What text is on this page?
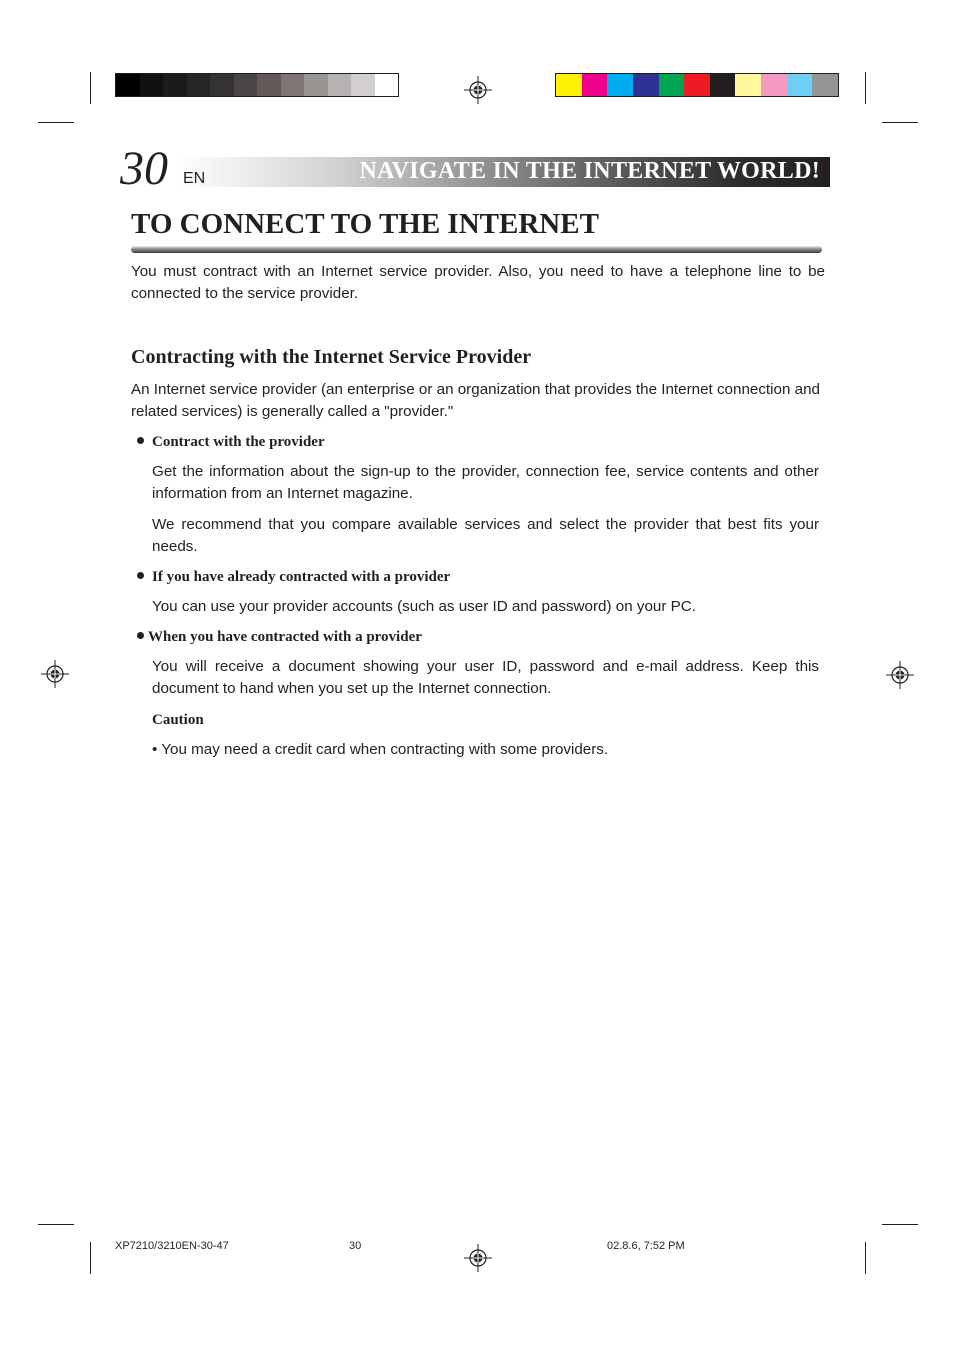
30	NAVIGATE IN THE INTERNET WORLD!
EN
TO CONNECT TO THE INTERNET

You must contract with an Internet service provider. Also, you need to have a telephone line to be connected to the service provider.

Contracting with the Internet Service Provider

An Internet service provider (an enterprise or an organization that provides the Internet connection and related services) is generally called a "provider."

Contract with the provider

Get the information about the sign-up to the provider, connection fee, service contents and other information from an Internet magazine.

We recommend that you compare available services and select the provider that best fits your needs.

If you have already contracted with a provider

You can use your provider accounts (such as user ID and password) on your PC.

When you have contracted with a provider

You will receive a document showing your user ID, password and e-mail address. Keep this document to hand when you set up the Internet connection.

Caution

• You may need a credit card when contracting with some providers.

XP7210/3210EN-30-47	30	02.8.6, 7:52 PM
